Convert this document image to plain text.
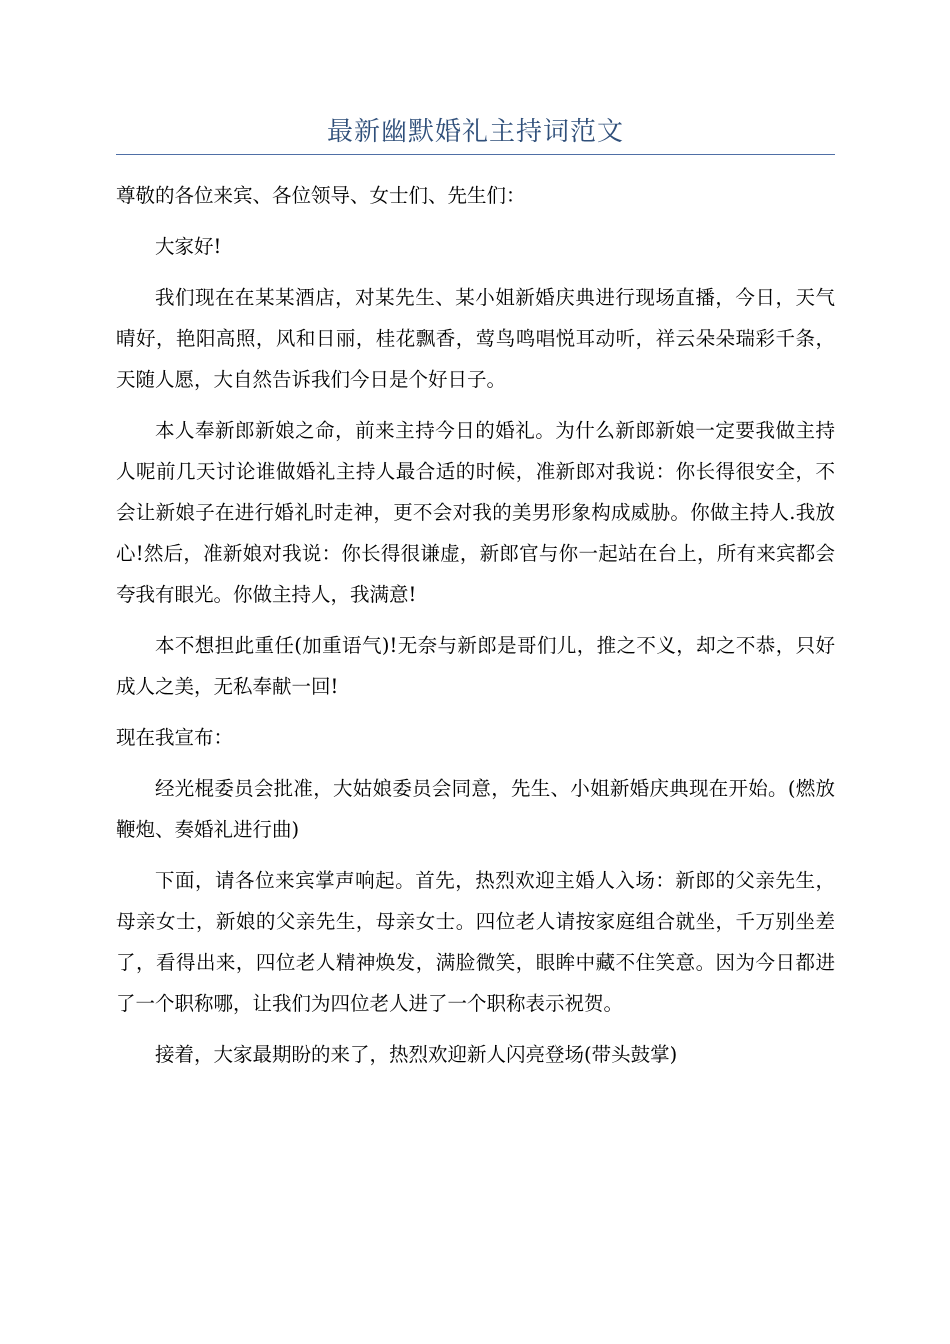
最新幽默婚礼主持词范文

尊敬的各位来宾、各位领导、女士们、先生们：

大家好!

我们现在在某某酒店，对某先生、某小姐新婚庆典进行现场直播，今日，天气晴好，艳阳高照，风和日丽，桂花飘香，莺鸟鸣唱悦耳动听，祥云朵朵瑞彩千条，天随人愿，大自然告诉我们今日是个好日子。

本人奉新郎新娘之命，前来主持今日的婚礼。为什么新郎新娘一定要我做主持人呢前几天讨论谁做婚礼主持人最合适的时候，准新郎对我说：你长得很安全，不会让新娘子在进行婚礼时走神，更不会对我的美男形象构成威胁。你做主持人.我放心!然后，准新娘对我说：你长得很谦虚，新郎官与你一起站在台上，所有来宾都会夸我有眼光。你做主持人，我满意!

本不想担此重任(加重语气)!无奈与新郎是哥们儿，推之不义，却之不恭，只好成人之美，无私奉献一回!

现在我宣布：

经光棍委员会批准，大姑娘委员会同意，先生、小姐新婚庆典现在开始。(燃放鞭炮、奏婚礼进行曲)

下面，请各位来宾掌声响起。首先，热烈欢迎主婚人入场：新郎的父亲先生，母亲女士，新娘的父亲先生，母亲女士。四位老人请按家庭组合就坐，千万别坐差了，看得出来，四位老人精神焕发，满脸微笑，眼眸中藏不住笑意。因为今日都进了一个职称哪，让我们为四位老人进了一个职称表示祝贺。

接着，大家最期盼的来了，热烈欢迎新人闪亮登场(带头鼓掌)
